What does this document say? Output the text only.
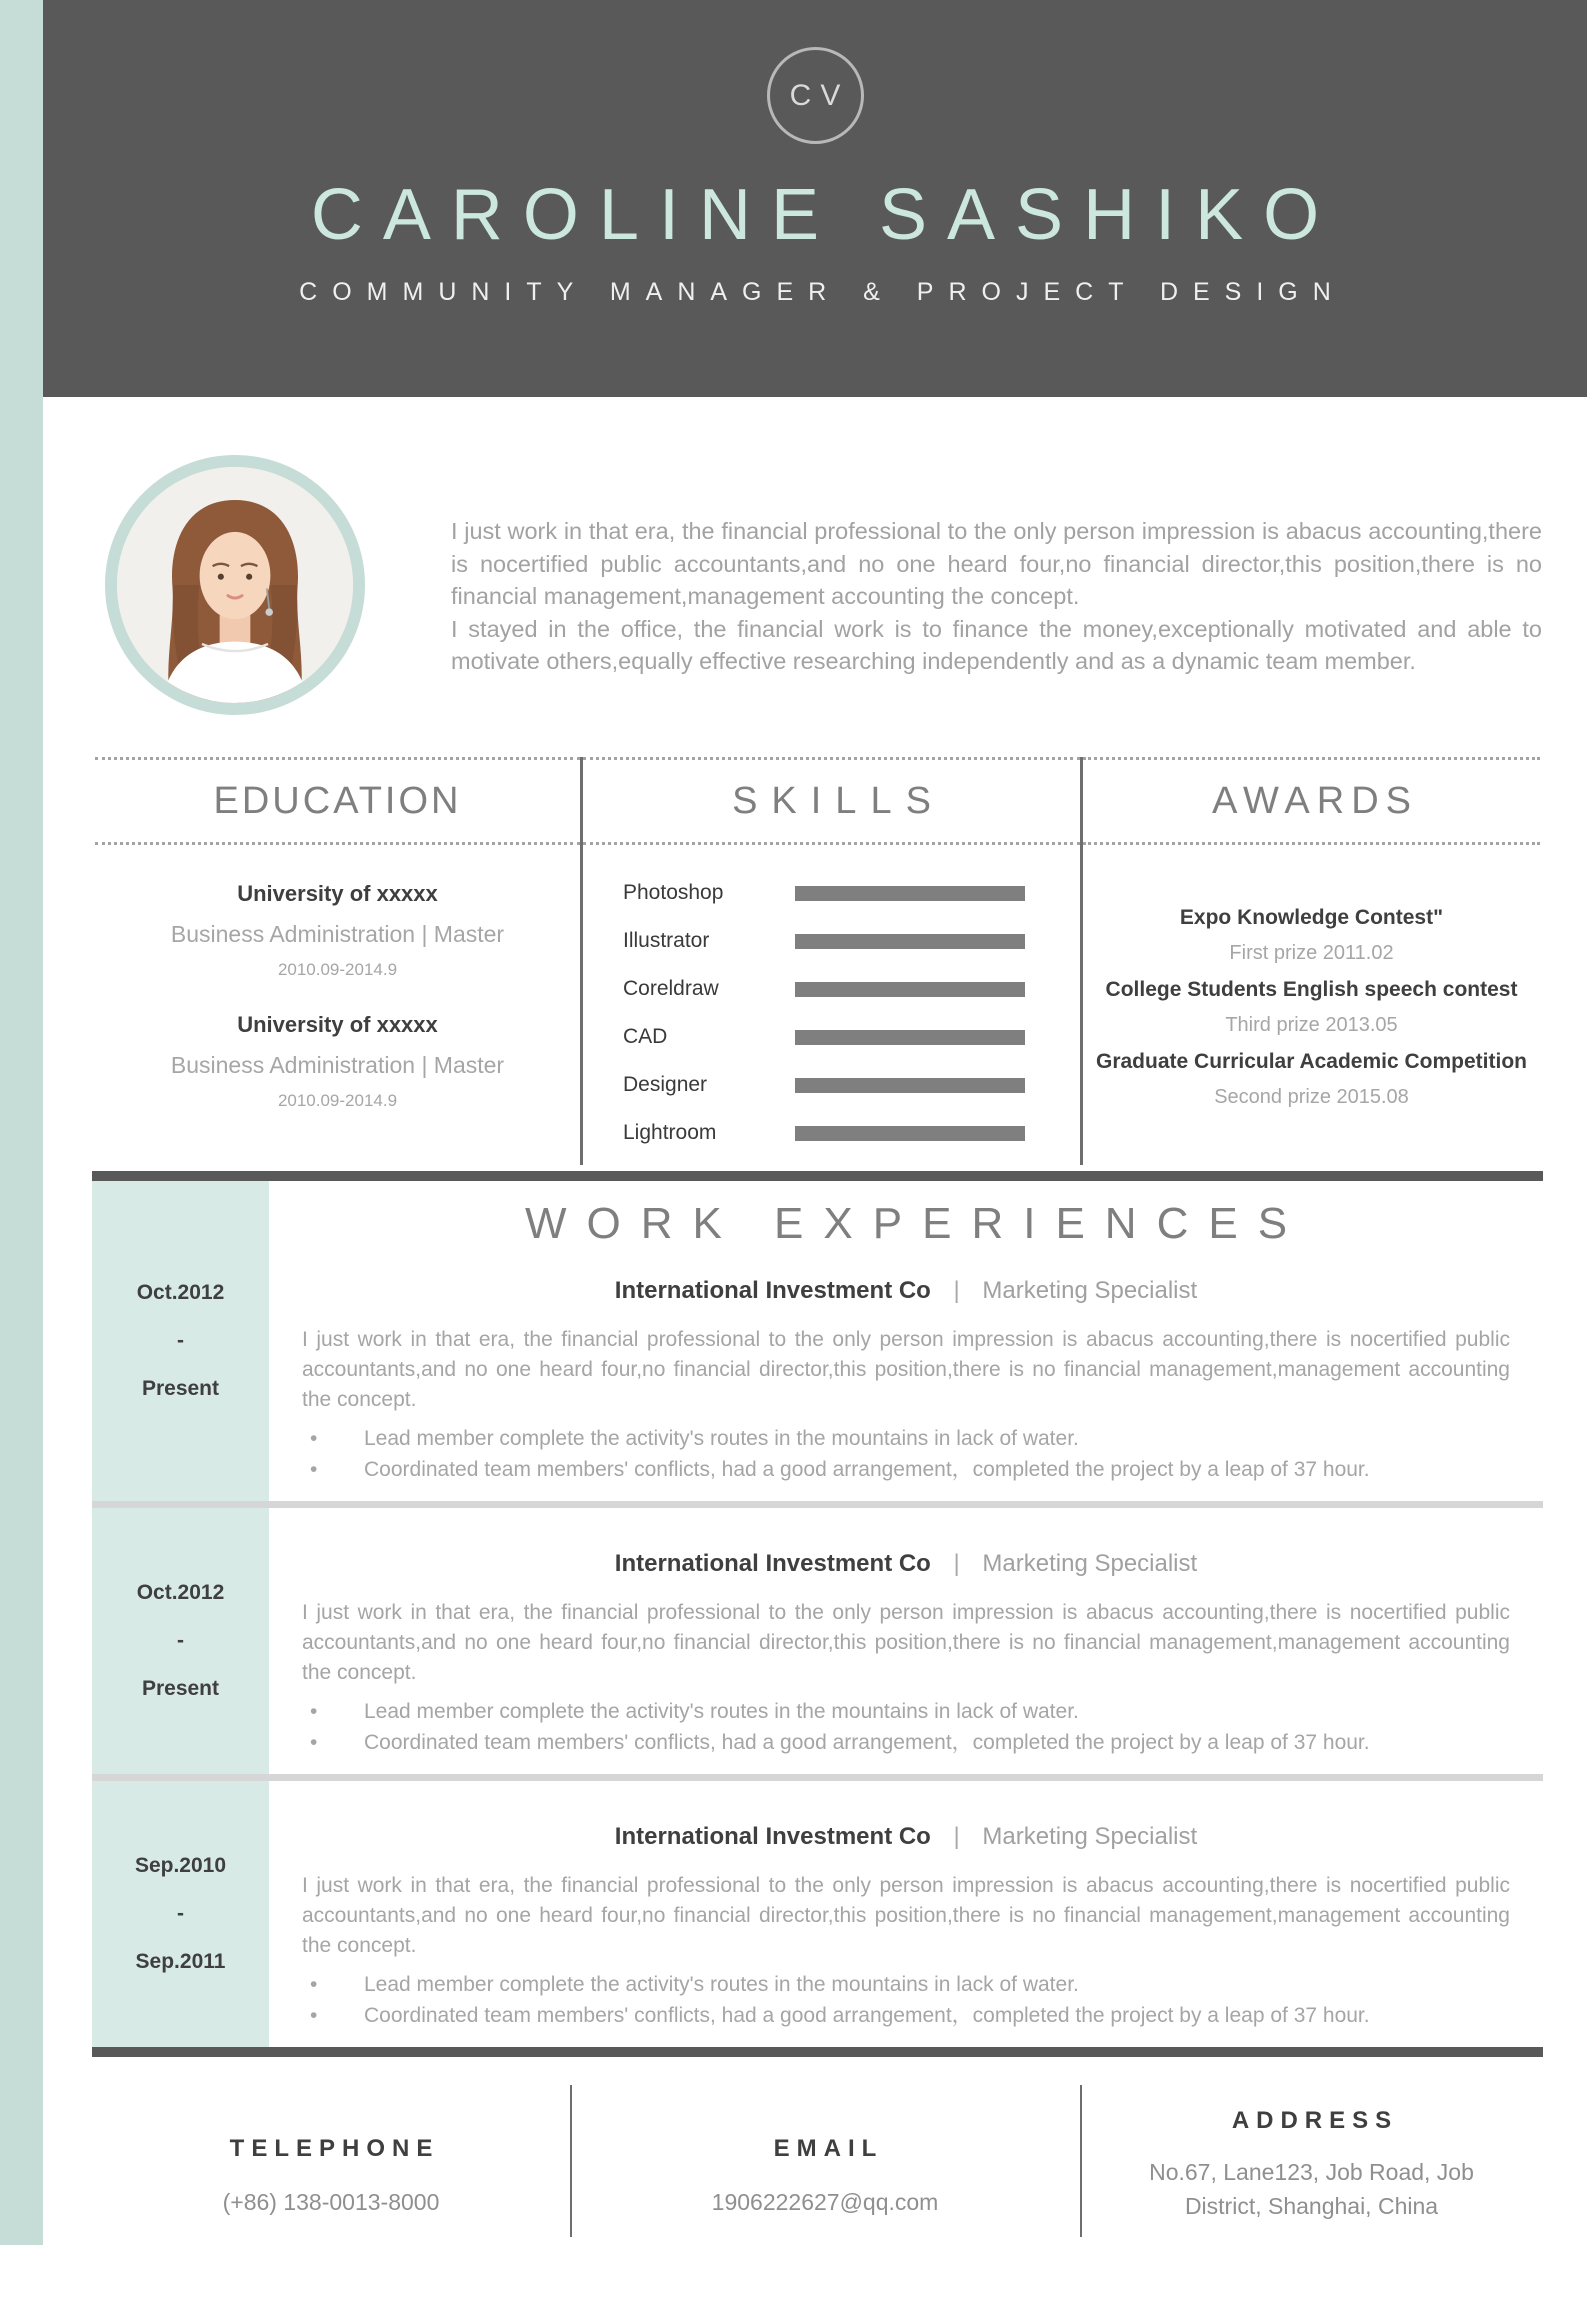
CV
CAROLINE SASHIKO
COMMUNITY MANAGER & PROJECT DESIGN

I just work in that era, the financial professional to the only person impression is abacus accounting,there is nocertified public accountants,and no one heard four,no financial director,this position,there is no financial management,management accounting the concept.

I stayed in the office, the financial work is to finance the money,exceptionally motivated and able to motivate others,equally effective researching independently and as a dynamic team member.

EDUCATION
University of xxxxx
Business Administration | Master
2010.09-2014.9
University of xxxxx
Business Administration | Master
2010.09-2014.9
SKILLS
Photoshop
Illustrator
Coreldraw
CAD
Designer
Lightroom
AWARDS
Expo Knowledge Contest"
First prize 2011.02
College Students English speech contest
Third prize 2013.05
Graduate Curricular Academic Competition
Second prize 2015.08
Oct.2012
-
Present
WORK EXPERIENCES
International Investment Co | Marketing Specialist

I just work in that era, the financial professional to the only person impression is abacus accounting,there is nocertified public accountants,and no one heard four,no financial director,this position,there is no financial management,management accounting the concept.

• Lead member complete the activity's routes in the mountains in lack of water.
• Coordinated team members' conflicts, had a good arrangement，completed the project by a leap of 37 hour.
Oct.2012
-
Present
International Investment Co | Marketing Specialist

I just work in that era, the financial professional to the only person impression is abacus accounting,there is nocertified public accountants,and no one heard four,no financial director,this position,there is no financial management,management accounting the concept.

• Lead member complete the activity's routes in the mountains in lack of water.
• Coordinated team members' conflicts, had a good arrangement，completed the project by a leap of 37 hour.
Sep.2010
-
Sep.2011
International Investment Co | Marketing Specialist

I just work in that era, the financial professional to the only person impression is abacus accounting,there is nocertified public accountants,and no one heard four,no financial director,this position,there is no financial management,management accounting the concept.

• Lead member complete the activity's routes in the mountains in lack of water.
• Coordinated team members' conflicts, had a good arrangement，completed the project by a leap of 37 hour.
TELEPHONE
(+86) 138-0013-8000
EMAIL
1906222627@qq.com
ADDRESS
No.67, Lane123, Job Road, Job District, Shanghai, China
